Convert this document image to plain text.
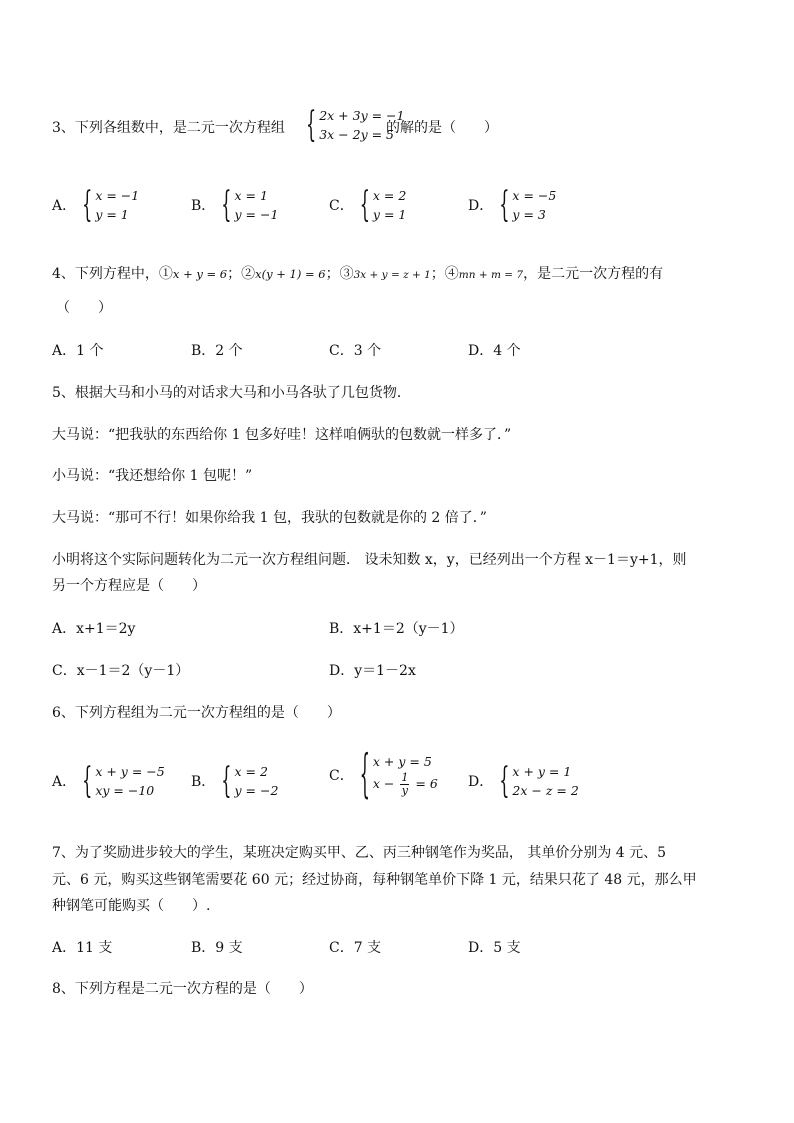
3、下列各组数中，是二元一次方程组 { 2x + 3y = −1
3x − 2y = 5
的解的是（　　）
A． { x = −1
y = 1
B． { x = 1
y = −1
C． { x = 2
y = 1
D． { x = −5
y = 3
4、下列方程中，①x + y = 6；②x(y + 1) = 6；③3x + y = z + 1；④mn + m = 7，是二元一次方程的有
（　　）
A．1 个	B．2 个	C．3 个	D．4 个
5、根据大马和小马的对话求大马和小马各驮了几包货物．
大马说：“把我驮的东西给你 1 包多好哇！这样咱俩驮的包数就一样多了．”
小马说：“我还想给你 1 包呢！”
大马说：“那可不行！如果你给我 1 包，我驮的包数就是你的 2 倍了．”
小明将这个实际问题转化为二元一次方程组问题． 设未知数 x，y，已经列出一个方程 x－1＝y+1，则
另一个方程应是（　　）
A．x+1＝2y	B．x+1＝2（y－1）
C．x－1＝2（y－1）	D．y＝1－2x
6、下列方程组为二元一次方程组的是（　　）
A． { x + y = −5
xy = −10
B． { x = 2
y = −2
C． { x + y = 5
$x - \frac{1}{y} = 6$ D． { x + y = 1
2x − z = 2
7、为了奖励进步较大的学生，某班决定购买甲、乙、丙三种钢笔作为奖品， 其单价分别为 4 元、5
元、6 元，购买这些钢笔需要花 60 元；经过协商，每种钢笔单价下降 1 元，结果只花了 48 元，那么甲
种钢笔可能购买（　　）.
A．11 支	B．9 支	C．7 支	D．5 支
8、下列方程是二元一次方程的是（　　）
